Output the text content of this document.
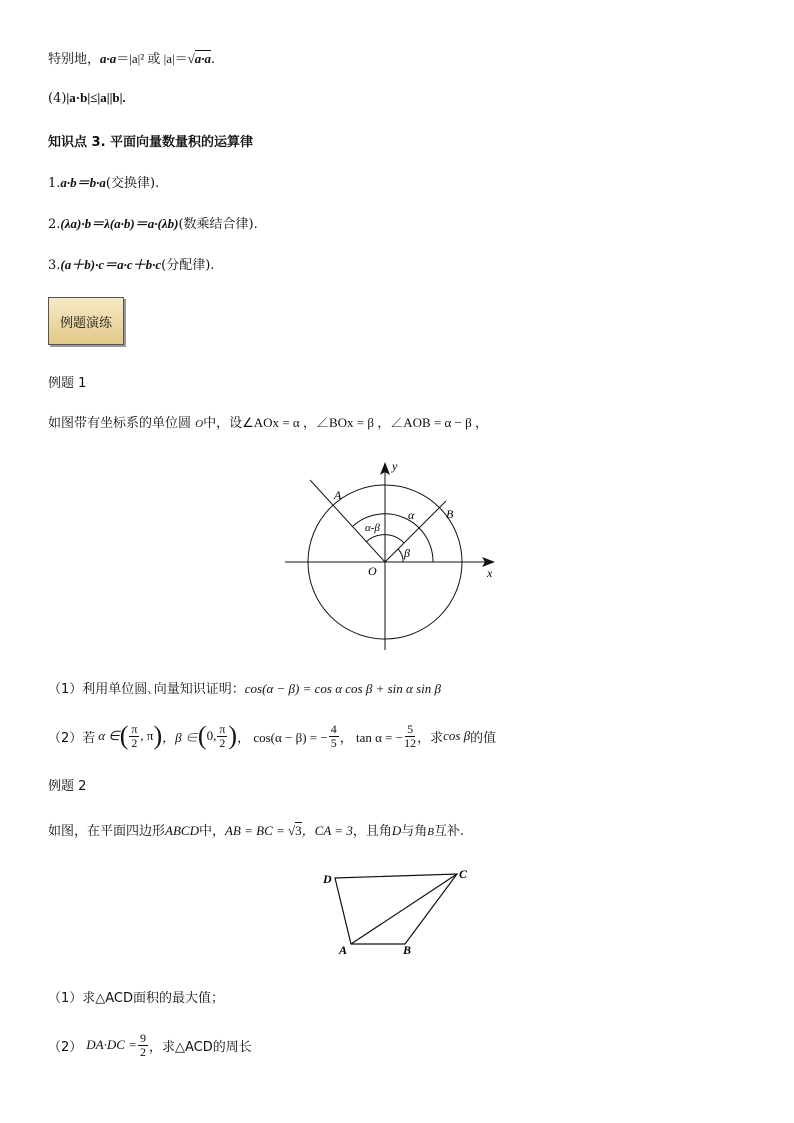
特别地，a·a＝|a|² 或 |a|＝√a·a.
(4)|a·b|≤|a||b|.
知识点 3. 平面向量数量积的运算律
1.a·b＝b·a(交换律).
2.(λa)·b＝λ(a·b)＝a·(λb)(数乘结合律).
3.(a＋b)·c＝a·c＋b·c(分配律).
例题演练
例题 1
如图带有坐标系的单位圆 O中，设∠AOx = α ，∠BOx = β ，∠AOB = α − β ，
A
B
O	x
y
α
β
α-β
（1）利用单位圆､向量知识证明：cos(α − β) = cos α cos β + sin α sin β
（2）若 α ∈ ( $\frac{\pi}{2}$ , π ) ，β ∈ ( 0, $\frac{\pi}{2}$ ) ， cos(α − β) = − $\frac{4}{5}$ ， tan α = − $\frac{5}{12}$ ，求 cos β 的值
例题 2
如图，在平面四边形ABCD中，AB = BC = √3，CA = 3，且角D与角B互补.
D	C
A	B
（1）求△ACD面积的最大值；
（2） $DA\cdot DC = \frac{9}{2}$ ，求△ACD的周长
